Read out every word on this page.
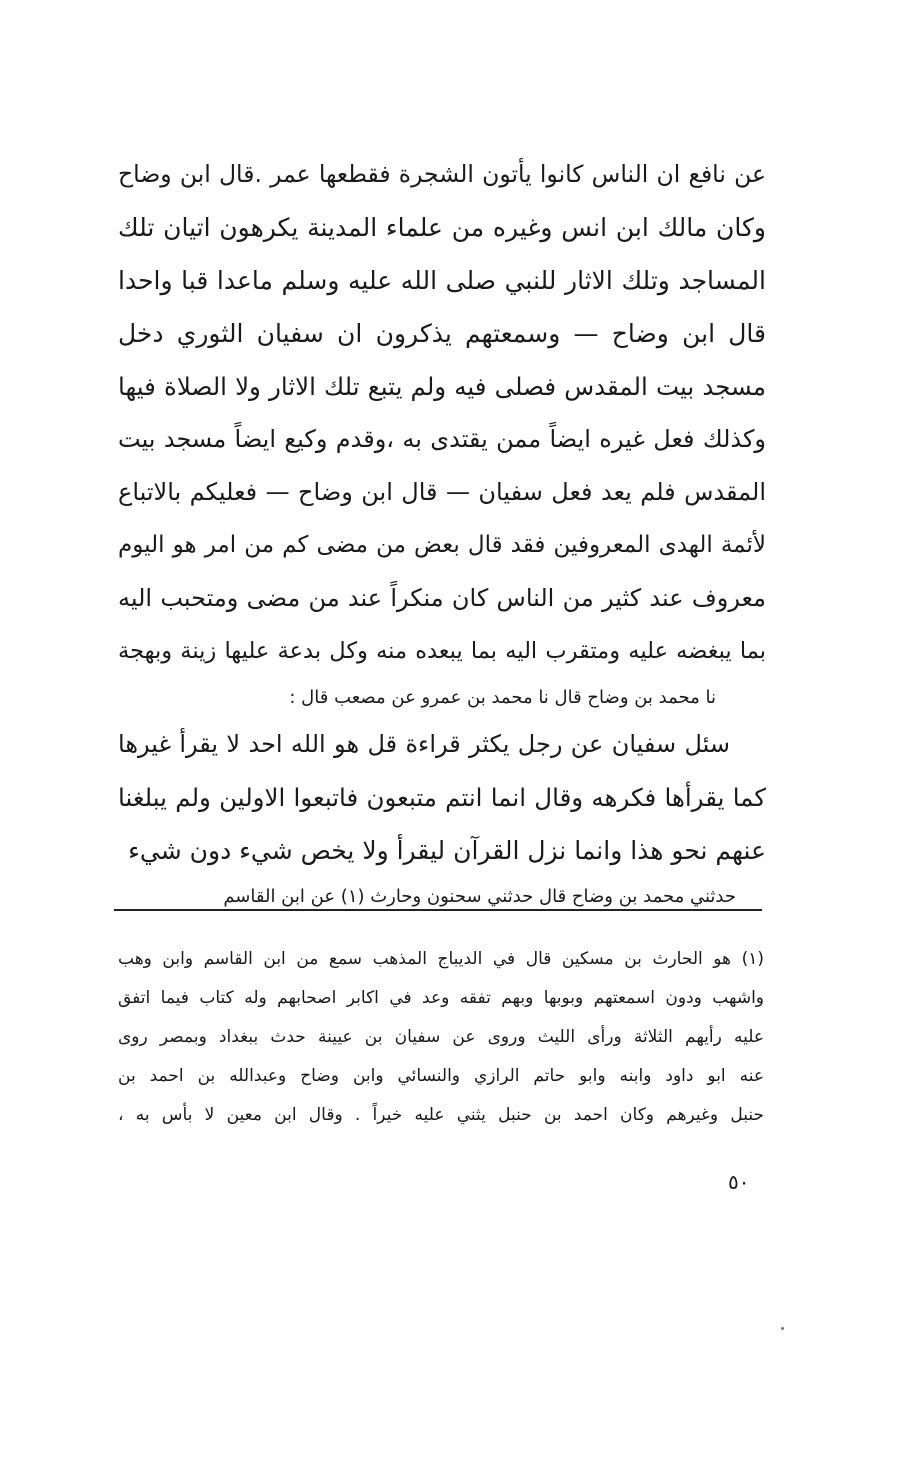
عن نافع ان الناس كانوا يأتون الشجرة فقطعها عمر .قال ابن وضاح
وكان مالك ابن انس وغيره من علماء المدينة يكرهون اتيان تلك
المساجد وتلك الاثار للنبي صلى الله عليه وسلم ماعدا قبا واحدا
قال ابن وضاح — وسمعتهم يذكرون ان سفيان الثوري دخل
مسجد بيت المقدس فصلى فيه ولم يتبع تلك الاثار ولا الصلاة فيها
وكذلك فعل غيره ايضاً ممن يقتدى به ،وقدم وكيع ايضاً مسجد بيت
المقدس فلم يعد فعل سفيان — قال ابن وضاح — فعليكم بالاتباع
لأئمة الهدى المعروفين فقد قال بعض من مضى كم من امر هو اليوم
معروف عند كثير من الناس كان منكراً عند من مضى ومتحبب اليه
بما يبغضه عليه ومتقرب اليه بما يبعده منه وكل بدعة عليها زينة وبهجة
نا محمد بن وضاح قال نا محمد بن عمرو عن مصعب قال :
سئل سفيان عن رجل يكثر قراءة قل هو الله احد لا يقرأ غيرها
كما يقرأها فكرهه وقال انما انتم متبعون فاتبعوا الاولين ولم يبلغنا
عنهم نحو هذا وانما نزل القرآن ليقرأ ولا يخص شيء دون شيء
حدثني محمد بن وضاح قال حدثني سحنون وحارث (١) عن ابن القاسم
(١) هو الحارث بن مسكين قال في الديباج المذهب سمع من ابن القاسم وابن وهب
واشهب ودون اسمعتهم وبوبها وبهم تفقه وعد في اكابر اصحابهم وله كتاب فيما اتفق
عليه رأيهم الثلاثة ورأى الليث وروى عن سفيان بن عيينة حدث ببغداد وبمصر روى
عنه ابو داود وابنه وابو حاتم الرازي والنسائي وابن وضاح وعبدالله بن احمد بن
حنبل وغيرهم وكان احمد بن حنبل يثني عليه خيراً . وقال ابن معين لا بأس به ،
٥٠
